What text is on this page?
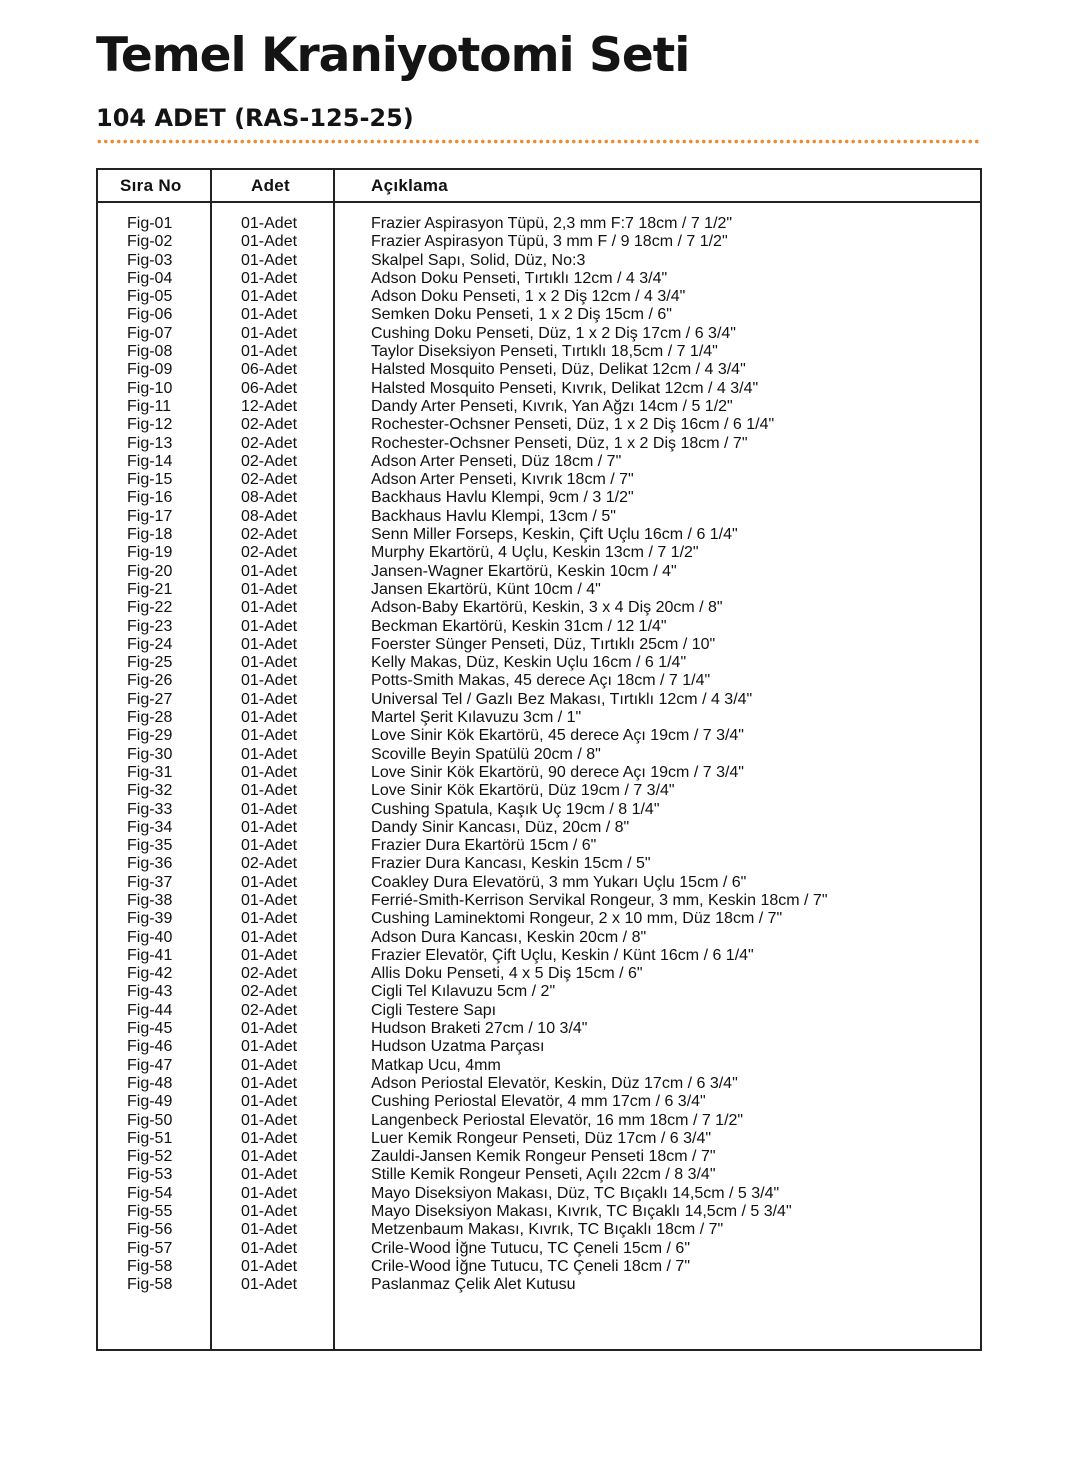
Temel Kraniyotomi Seti
104 ADET (RAS-125-25)
Sıra No	Adet	Açıklama
Fig-01	01-Adet	Frazier Aspirasyon Tüpü, 2,3 mm F:7 18cm / 7 1/2"
Fig-02	01-Adet	Frazier Aspirasyon Tüpü, 3 mm F / 9 18cm / 7 1/2"
Fig-03	01-Adet	Skalpel Sapı, Solid, Düz, No:3
Fig-04	01-Adet	Adson Doku Penseti, Tırtıklı 12cm / 4 3/4"
Fig-05	01-Adet	Adson Doku Penseti, 1 x 2 Diş 12cm / 4 3/4"
Fig-06	01-Adet	Semken Doku Penseti, 1 x 2 Diş 15cm / 6"
Fig-07	01-Adet	Cushing Doku Penseti, Düz, 1 x 2 Diş 17cm / 6 3/4"
Fig-08	01-Adet	Taylor Diseksiyon Penseti, Tırtıklı 18,5cm / 7 1/4"
Fig-09	06-Adet	Halsted Mosquito Penseti, Düz, Delikat 12cm / 4 3/4"
Fig-10	06-Adet	Halsted Mosquito Penseti, Kıvrık, Delikat 12cm / 4 3/4"
Fig-11	12-Adet	Dandy Arter Penseti, Kıvrık, Yan Ağzı 14cm / 5 1/2"
Fig-12	02-Adet	Rochester-Ochsner Penseti, Düz, 1 x 2 Diş 16cm / 6 1/4"
Fig-13	02-Adet	Rochester-Ochsner Penseti, Düz, 1 x 2 Diş 18cm / 7"
Fig-14	02-Adet	Adson Arter Penseti, Düz 18cm / 7"
Fig-15	02-Adet	Adson Arter Penseti, Kıvrık 18cm / 7"
Fig-16	08-Adet	Backhaus Havlu Klempi, 9cm / 3 1/2"
Fig-17	08-Adet	Backhaus Havlu Klempi, 13cm / 5"
Fig-18	02-Adet	Senn Miller Forseps, Keskin, Çift Uçlu 16cm / 6 1/4"
Fig-19	02-Adet	Murphy Ekartörü, 4 Uçlu, Keskin 13cm / 7 1/2"
Fig-20	01-Adet	Jansen-Wagner Ekartörü, Keskin 10cm / 4"
Fig-21	01-Adet	Jansen Ekartörü, Künt 10cm / 4"
Fig-22	01-Adet	Adson-Baby Ekartörü, Keskin, 3 x 4 Diş 20cm / 8"
Fig-23	01-Adet	Beckman Ekartörü, Keskin 31cm / 12 1/4"
Fig-24	01-Adet	Foerster Sünger Penseti, Düz, Tırtıklı 25cm / 10"
Fig-25	01-Adet	Kelly Makas, Düz, Keskin Uçlu 16cm / 6 1/4"
Fig-26	01-Adet	Potts-Smith Makas, 45 derece Açı 18cm / 7 1/4"
Fig-27	01-Adet	Universal Tel / Gazlı Bez Makası, Tırtıklı 12cm / 4 3/4"
Fig-28	01-Adet	Martel Şerit Kılavuzu 3cm / 1"
Fig-29	01-Adet	Love Sinir Kök Ekartörü, 45 derece Açı 19cm / 7 3/4"
Fig-30	01-Adet	Scoville Beyin Spatülü 20cm / 8"
Fig-31	01-Adet	Love Sinir Kök Ekartörü, 90 derece Açı 19cm / 7 3/4"
Fig-32	01-Adet	Love Sinir Kök Ekartörü, Düz 19cm / 7 3/4"
Fig-33	01-Adet	Cushing Spatula, Kaşık Uç 19cm / 8 1/4"
Fig-34	01-Adet	Dandy Sinir Kancası, Düz, 20cm / 8"
Fig-35	01-Adet	Frazier Dura Ekartörü 15cm / 6"
Fig-36	02-Adet	Frazier Dura Kancası, Keskin 15cm / 5"
Fig-37	01-Adet	Coakley Dura Elevatörü, 3 mm Yukarı Uçlu 15cm / 6"
Fig-38	01-Adet	Ferrié-Smith-Kerrison Servikal Rongeur, 3 mm, Keskin 18cm / 7"
Fig-39	01-Adet	Cushing Laminektomi Rongeur, 2 x 10 mm, Düz 18cm / 7"
Fig-40	01-Adet	Adson Dura Kancası, Keskin 20cm / 8"
Fig-41	01-Adet	Frazier Elevatör, Çift Uçlu, Keskin / Künt 16cm / 6 1/4"
Fig-42	02-Adet	Allis Doku Penseti, 4 x 5 Diş 15cm / 6"
Fig-43	02-Adet	Cigli Tel Kılavuzu 5cm / 2"
Fig-44	02-Adet	Cigli Testere Sapı
Fig-45	01-Adet	Hudson Braketi 27cm / 10 3/4"
Fig-46	01-Adet	Hudson Uzatma Parçası
Fig-47	01-Adet	Matkap Ucu, 4mm
Fig-48	01-Adet	Adson Periostal Elevatör, Keskin, Düz 17cm / 6 3/4"
Fig-49	01-Adet	Cushing Periostal Elevatör, 4 mm 17cm / 6 3/4"
Fig-50	01-Adet	Langenbeck Periostal Elevatör, 16 mm 18cm / 7 1/2"
Fig-51	01-Adet	Luer Kemik Rongeur Penseti, Düz 17cm / 6 3/4"
Fig-52	01-Adet	Zauldi-Jansen Kemik Rongeur Penseti 18cm / 7"
Fig-53	01-Adet	Stille Kemik Rongeur Penseti, Açılı 22cm / 8 3/4"
Fig-54	01-Adet	Mayo Diseksiyon Makası, Düz, TC Bıçaklı 14,5cm / 5 3/4"
Fig-55	01-Adet	Mayo Diseksiyon Makası, Kıvrık, TC Bıçaklı 14,5cm / 5 3/4"
Fig-56	01-Adet	Metzenbaum Makası, Kıvrık, TC Bıçaklı 18cm / 7"
Fig-57	01-Adet	Crile-Wood İğne Tutucu, TC Çeneli 15cm / 6"
Fig-58	01-Adet	Crile-Wood İğne Tutucu, TC Çeneli 18cm / 7"
Fig-58	01-Adet	Paslanmaz Çelik Alet Kutusu
